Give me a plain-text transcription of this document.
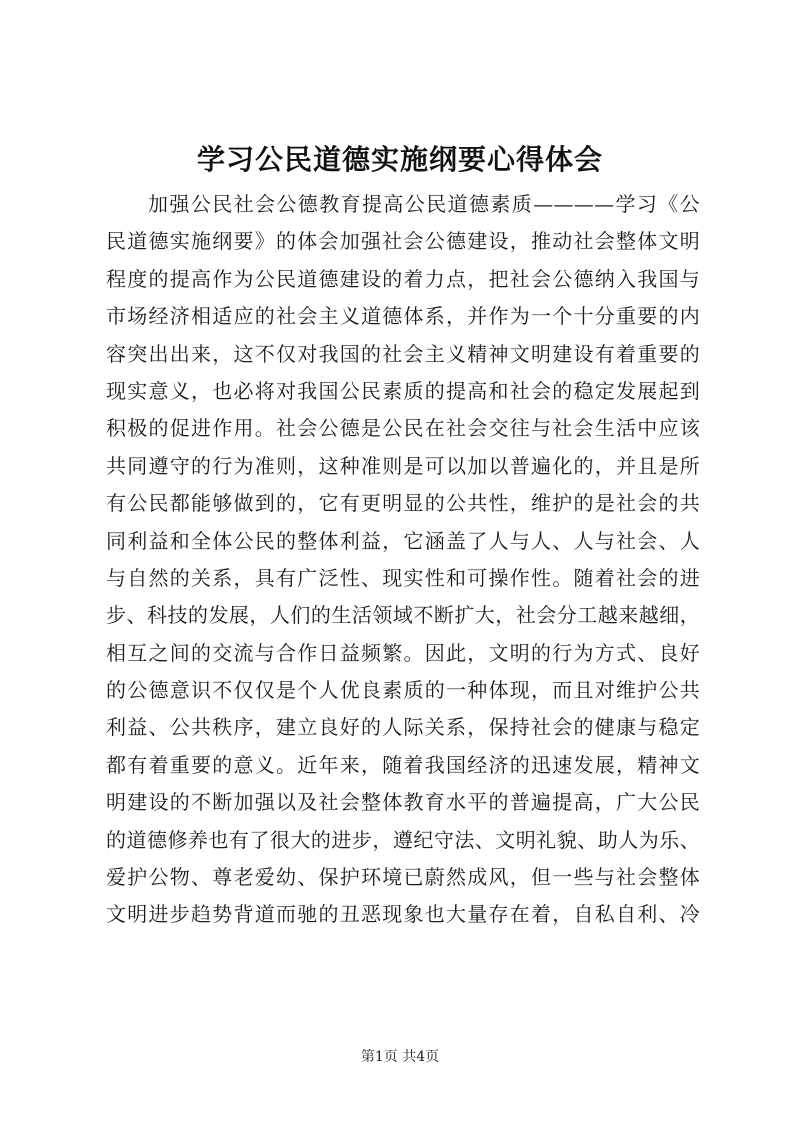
学习公民道德实施纲要心得体会
加强公民社会公德教育提高公民道德素质————学习《公
民道德实施纲要》的体会加强社会公德建设，推动社会整体文明
程度的提高作为公民道德建设的着力点，把社会公德纳入我国与
市场经济相适应的社会主义道德体系，并作为一个十分重要的内
容突出出来，这不仅对我国的社会主义精神文明建设有着重要的
现实意义，也必将对我国公民素质的提高和社会的稳定发展起到
积极的促进作用。社会公德是公民在社会交往与社会生活中应该
共同遵守的行为准则，这种准则是可以加以普遍化的，并且是所
有公民都能够做到的，它有更明显的公共性，维护的是社会的共
同利益和全体公民的整体利益，它涵盖了人与人、人与社会、人
与自然的关系，具有广泛性、现实性和可操作性。随着社会的进
步、科技的发展，人们的生活领域不断扩大，社会分工越来越细，
相互之间的交流与合作日益频繁。因此，文明的行为方式、良好
的公德意识不仅仅是个人优良素质的一种体现，而且对维护公共
利益、公共秩序，建立良好的人际关系，保持社会的健康与稳定
都有着重要的意义。近年来，随着我国经济的迅速发展，精神文
明建设的不断加强以及社会整体教育水平的普遍提高，广大公民
的道德修养也有了很大的进步，遵纪守法、文明礼貌、助人为乐、
爱护公物、尊老爱幼、保护环境已蔚然成风，但一些与社会整体
文明进步趋势背道而驰的丑恶现象也大量存在着，自私自利、冷
第1页 共4页
